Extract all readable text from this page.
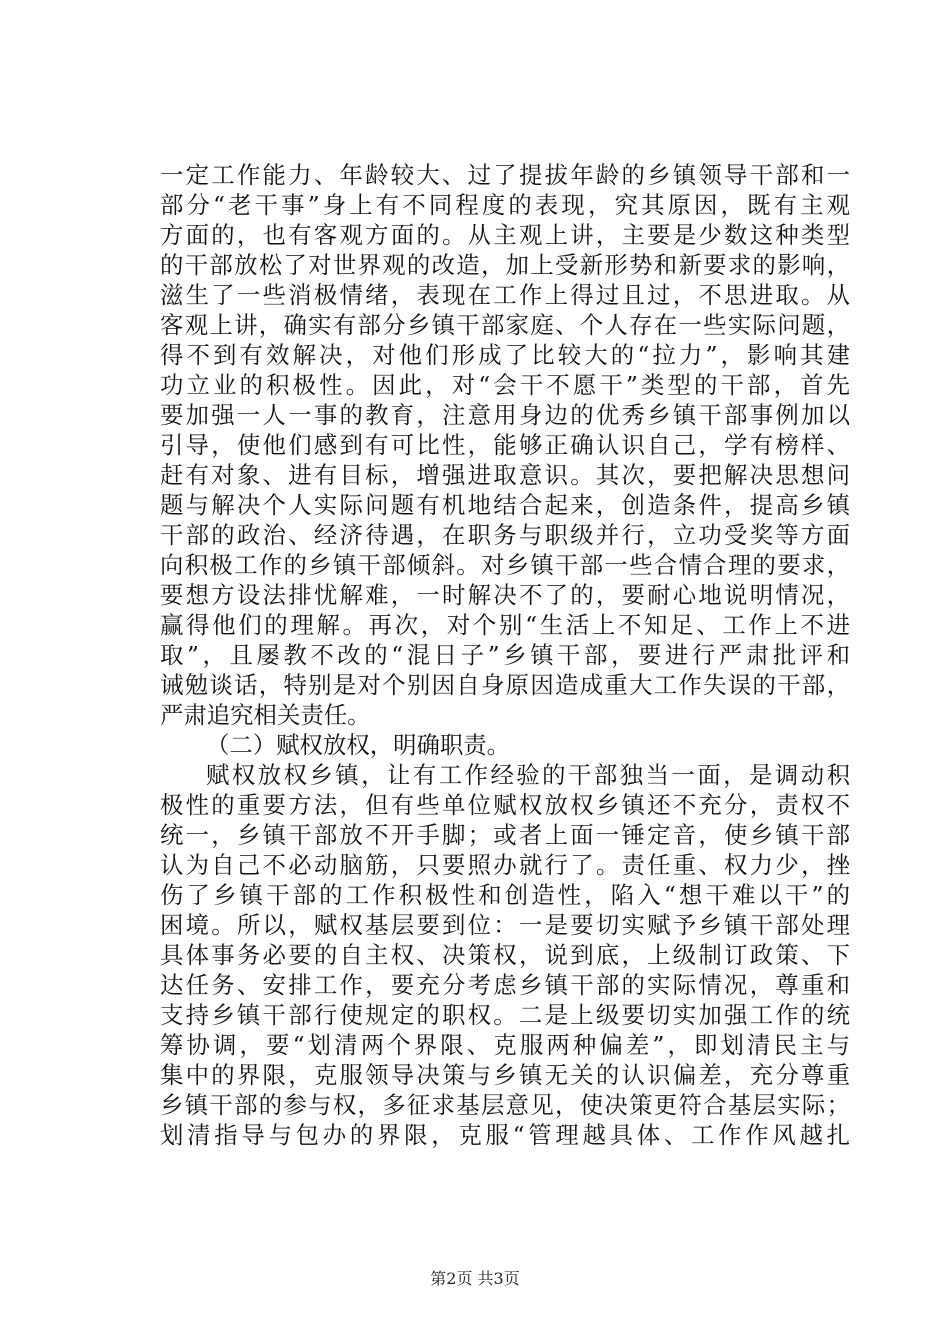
一定工作能力、年龄较大、过了提拔年龄的乡镇领导干部和一
部分“老干事”身上有不同程度的表现，究其原因，既有主观
方面的，也有客观方面的。从主观上讲，主要是少数这种类型
的干部放松了对世界观的改造，加上受新形势和新要求的影响，
滋生了一些消极情绪，表现在工作上得过且过，不思进取。从
客观上讲，确实有部分乡镇干部家庭、个人存在一些实际问题，
得不到有效解决，对他们形成了比较大的“拉力”，影响其建
功立业的积极性。因此，对“会干不愿干”类型的干部，首先
要加强一人一事的教育，注意用身边的优秀乡镇干部事例加以
引导，使他们感到有可比性，能够正确认识自己，学有榜样、
赶有对象、进有目标，增强进取意识。其次，要把解决思想问
题与解决个人实际问题有机地结合起来，创造条件，提高乡镇
干部的政治、经济待遇，在职务与职级并行，立功受奖等方面
向积极工作的乡镇干部倾斜。对乡镇干部一些合情合理的要求，
要想方设法排忧解难，一时解决不了的，要耐心地说明情况，
赢得他们的理解。再次，对个别“生活上不知足、工作上不进
取”，且屡教不改的“混日子”乡镇干部，要进行严肃批评和
诫勉谈话，特别是对个别因自身原因造成重大工作失误的干部，
严肃追究相关责任。
（二）赋权放权，明确职责。
赋权放权乡镇，让有工作经验的干部独当一面，是调动积
极性的重要方法，但有些单位赋权放权乡镇还不充分，责权不
统一，乡镇干部放不开手脚；或者上面一锤定音，使乡镇干部
认为自己不必动脑筋，只要照办就行了。责任重、权力少，挫
伤了乡镇干部的工作积极性和创造性，陷入“想干难以干”的
困境。所以，赋权基层要到位：一是要切实赋予乡镇干部处理
具体事务必要的自主权、决策权，说到底，上级制订政策、下
达任务、安排工作，要充分考虑乡镇干部的实际情况，尊重和
支持乡镇干部行使规定的职权。二是上级要切实加强工作的统
筹协调，要“划清两个界限、克服两种偏差”，即划清民主与
集中的界限，克服领导决策与乡镇无关的认识偏差，充分尊重
乡镇干部的参与权，多征求基层意见，使决策更符合基层实际；
划清指导与包办的界限，克服“管理越具体、工作作风越扎
第2页 共3页
